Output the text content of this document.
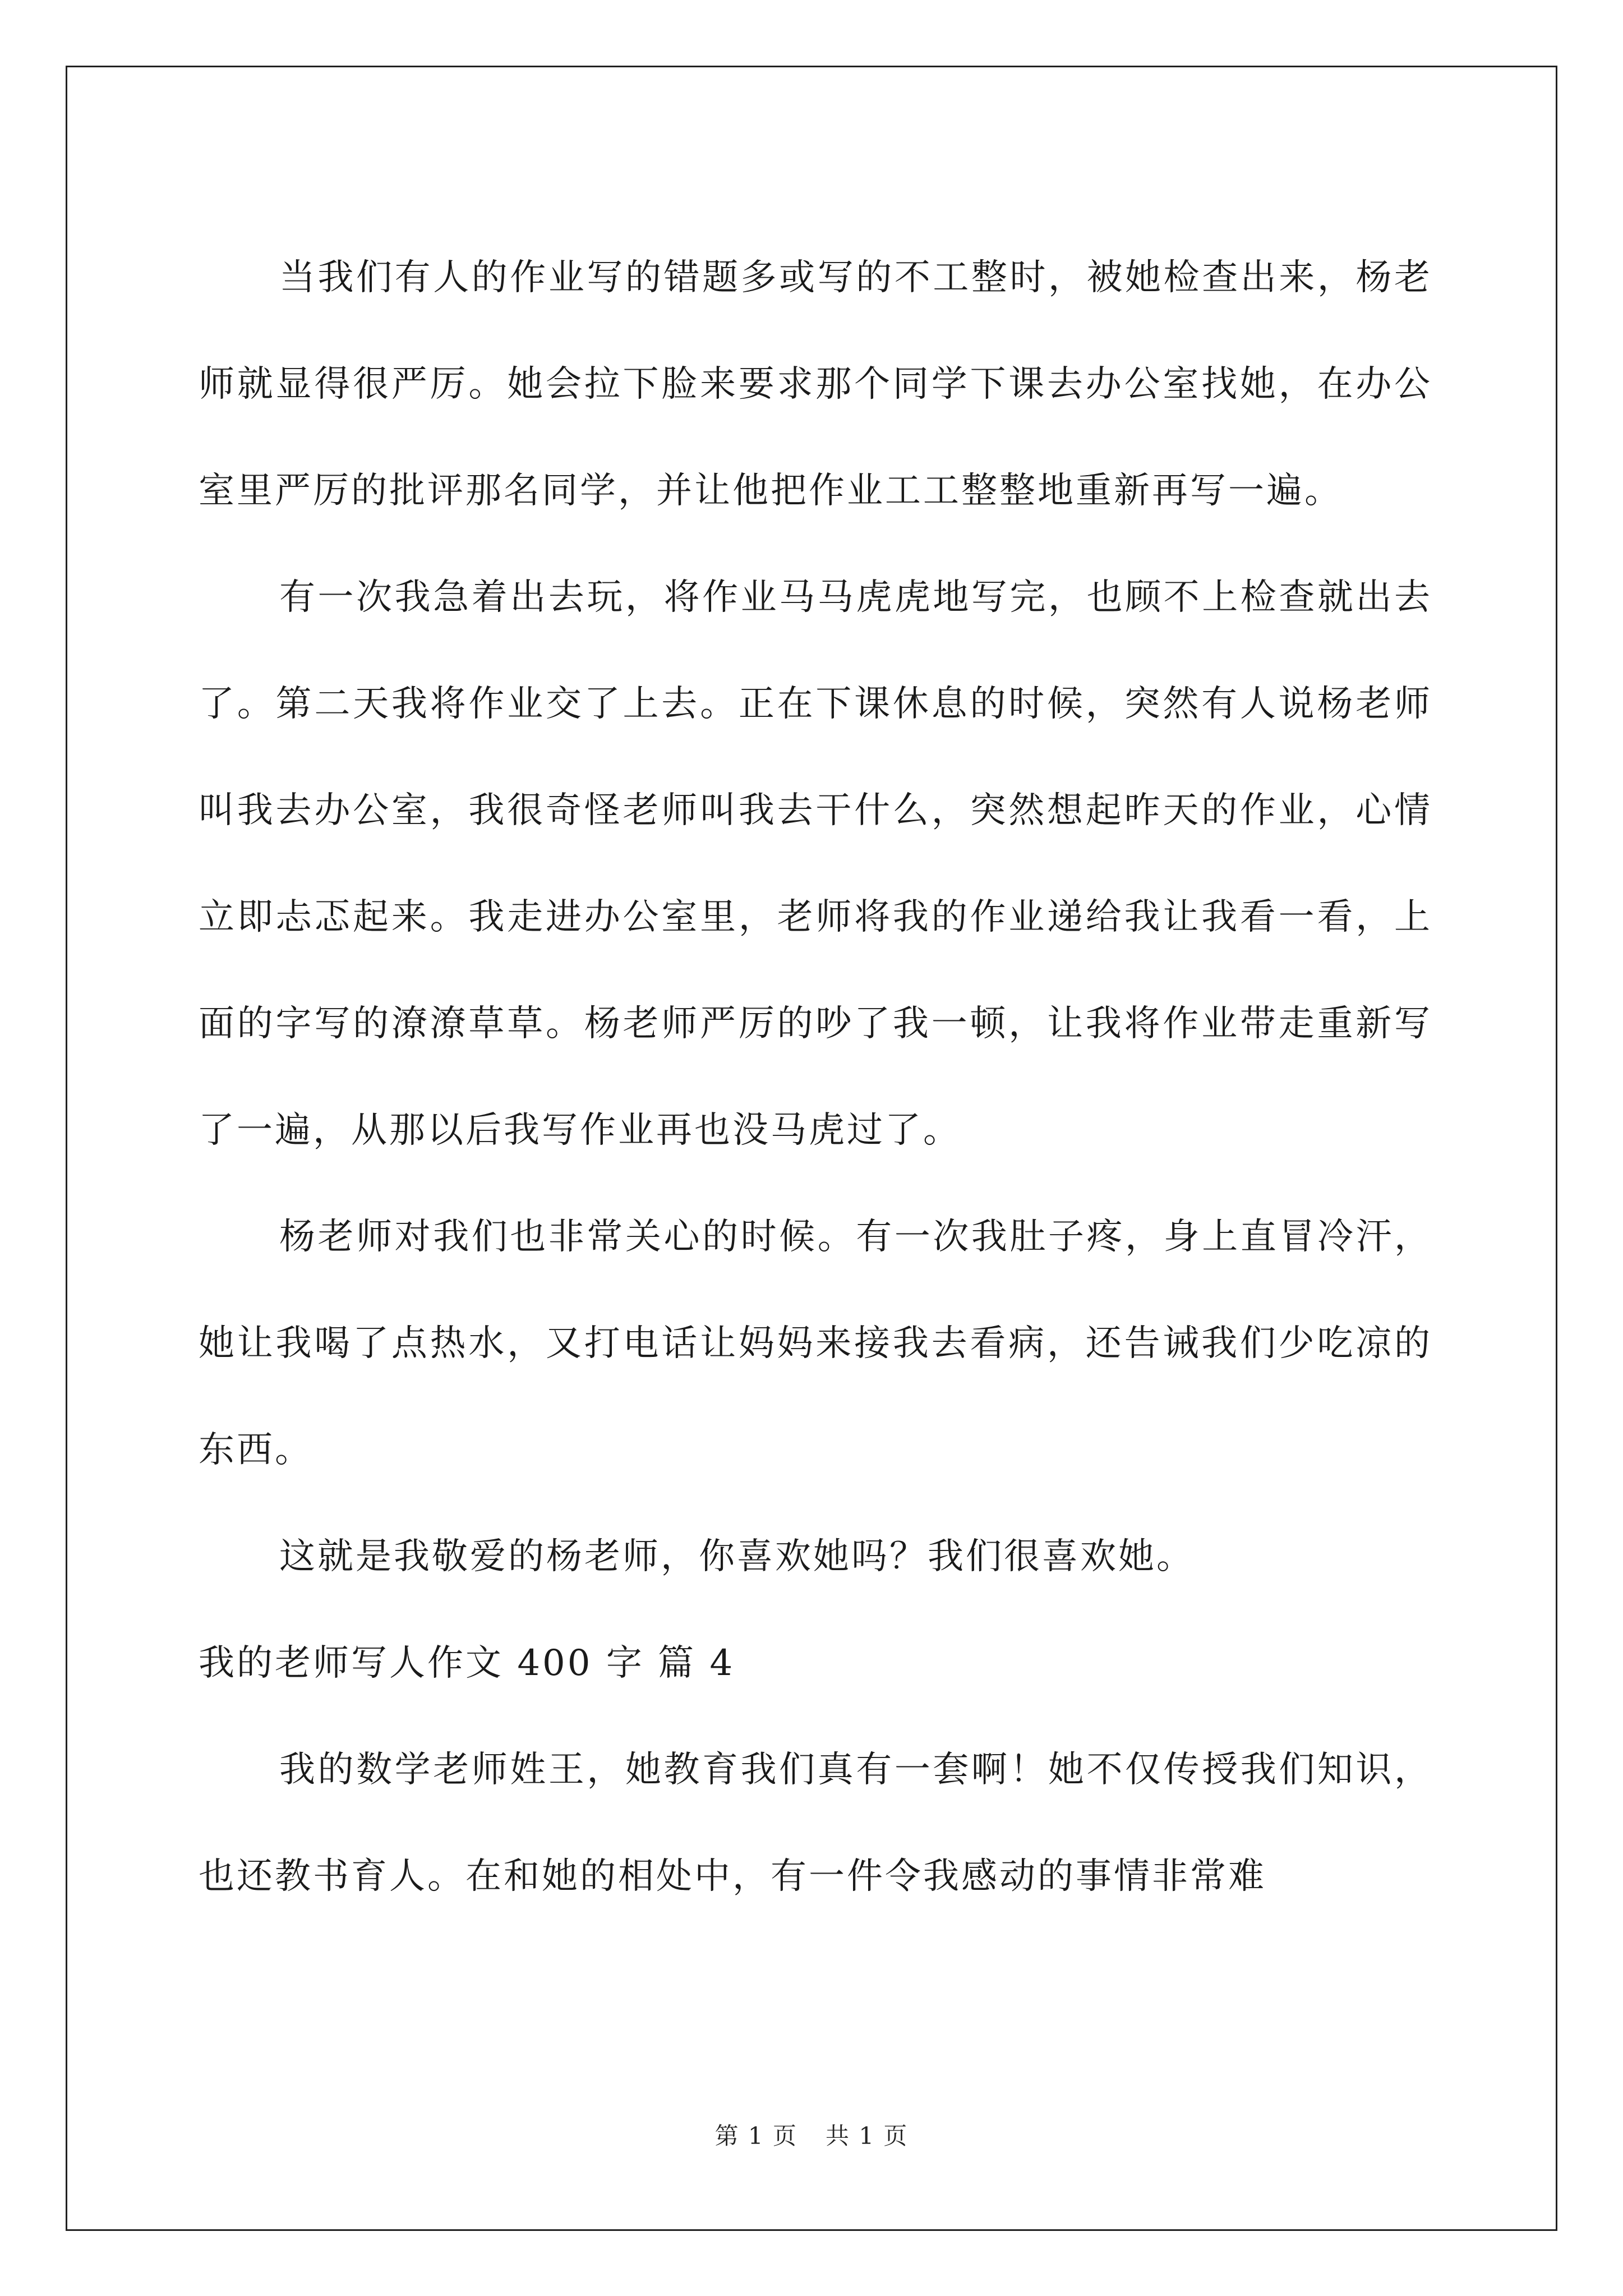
当我们有人的作业写的错题多或写的不工整时，被她检查出来，杨老师就显得很严厉。她会拉下脸来要求那个同学下课去办公室找她，在办公室里严厉的批评那名同学，并让他把作业工工整整地重新再写一遍。

有一次我急着出去玩，将作业马马虎虎地写完，也顾不上检查就出去了。第二天我将作业交了上去。正在下课休息的时候，突然有人说杨老师叫我去办公室，我很奇怪老师叫我去干什么，突然想起昨天的作业，心情立即忐忑起来。我走进办公室里，老师将我的作业递给我让我看一看，上面的字写的潦潦草草。杨老师严厉的吵了我一顿，让我将作业带走重新写了一遍，从那以后我写作业再也没马虎过了。

杨老师对我们也非常关心的时候。有一次我肚子疼，身上直冒冷汗，她让我喝了点热水，又打电话让妈妈来接我去看病，还告诫我们少吃凉的东西。

这就是我敬爱的杨老师，你喜欢她吗？我们很喜欢她。

我的老师写人作文 400 字 篇 4

我的数学老师姓王，她教育我们真有一套啊！她不仅传授我们知识，也还教书育人。在和她的相处中，有一件令我感动的事情非常难

第 1 页 共 1 页
